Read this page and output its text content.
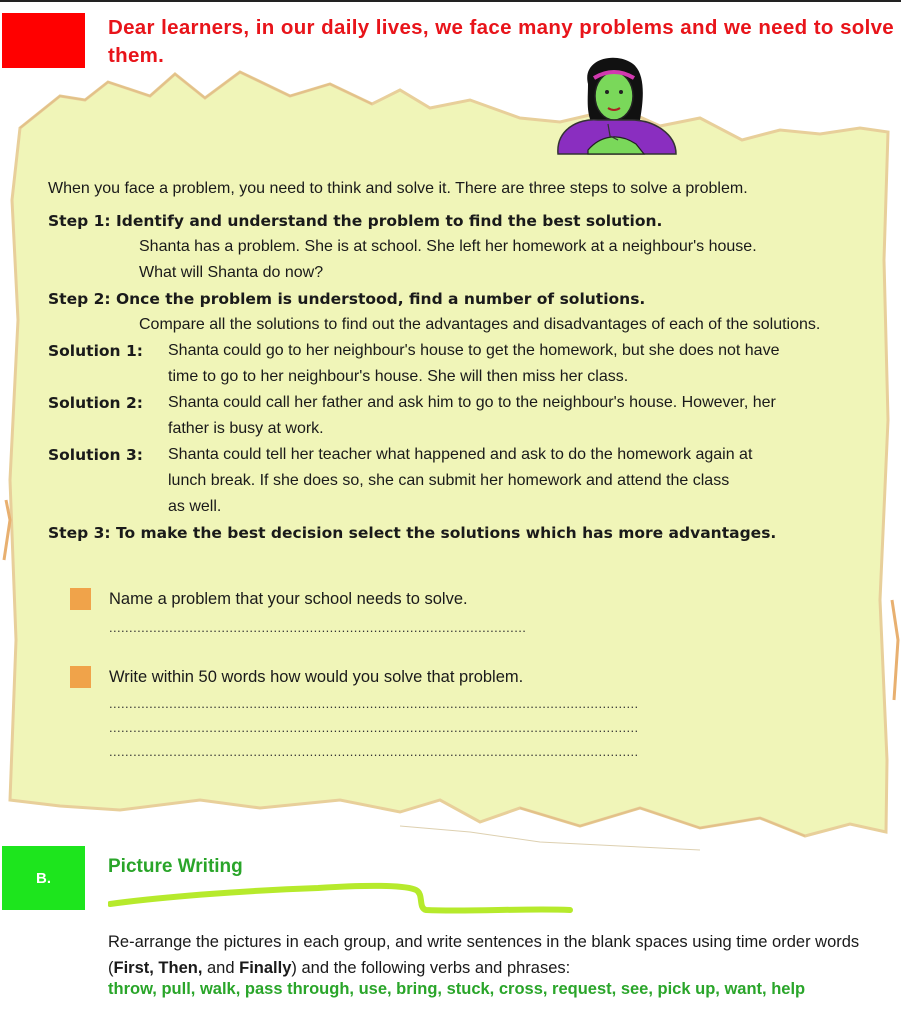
Dear learners, in our daily lives, we face many problems and we need to solve them.

When you face a problem, you need to think and solve it. There are three steps to solve a problem.

Step 1: Identify and understand the problem to find the best solution.

Shanta has a problem. She is at school. She left her homework at a neighbour's house.

What will Shanta do now?

Step 2: Once the problem is understood, find a number of solutions.

Compare all the solutions to find out the advantages and disadvantages of each of the solutions.

Solution 1:	Shanta could go to her neighbour's house to get the homework, but she does not have
time to go to her neighbour's house. She will then miss her class.
Solution 2:	Shanta could call her father and ask him to go to the neighbour's house. However, her
father is busy at work.
Solution 3:	Shanta could tell her teacher what happened and ask to do the homework again at
lunch break. If she does so, she can submit her homework and attend the class
as well.

Step 3: To make the best decision select the solutions which has more advantages.

Name a problem that your school needs to solve.
........................................................................................................
Write within 50 words how would you solve that problem.
....................................................................................................................................
....................................................................................................................................
....................................................................................................................................
B.
Picture Writing
Re-arrange the pictures in each group, and write sentences in the blank spaces using time order words (First, Then, and Finally) and the following verbs and phrases:
throw, pull, walk, pass through, use, bring, stuck, cross, request, see, pick up, want, help
